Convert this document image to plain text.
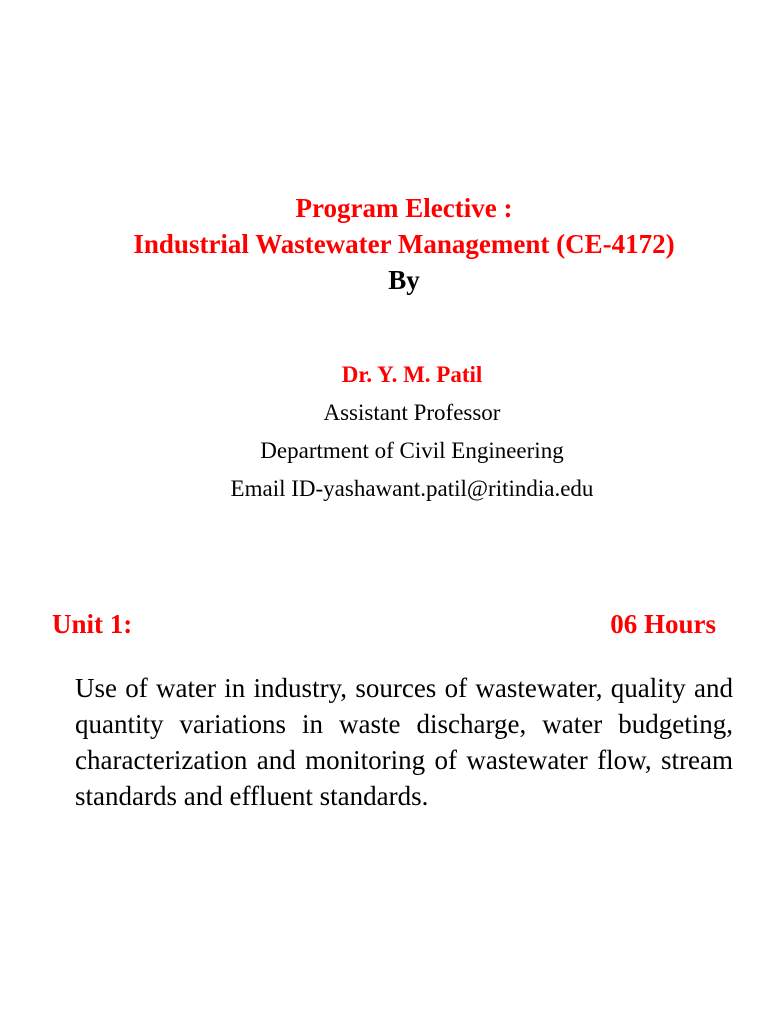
Program Elective :
Industrial Wastewater Management (CE-4172)
By
Dr. Y. M. Patil
Assistant Professor
Department of Civil Engineering
Email ID-yashawant.patil@ritindia.edu
Unit 1:	06 Hours
Use of water in industry, sources of wastewater, quality and quantity variations in waste discharge, water budgeting, characterization and monitoring of wastewater flow, stream standards and effluent standards.
